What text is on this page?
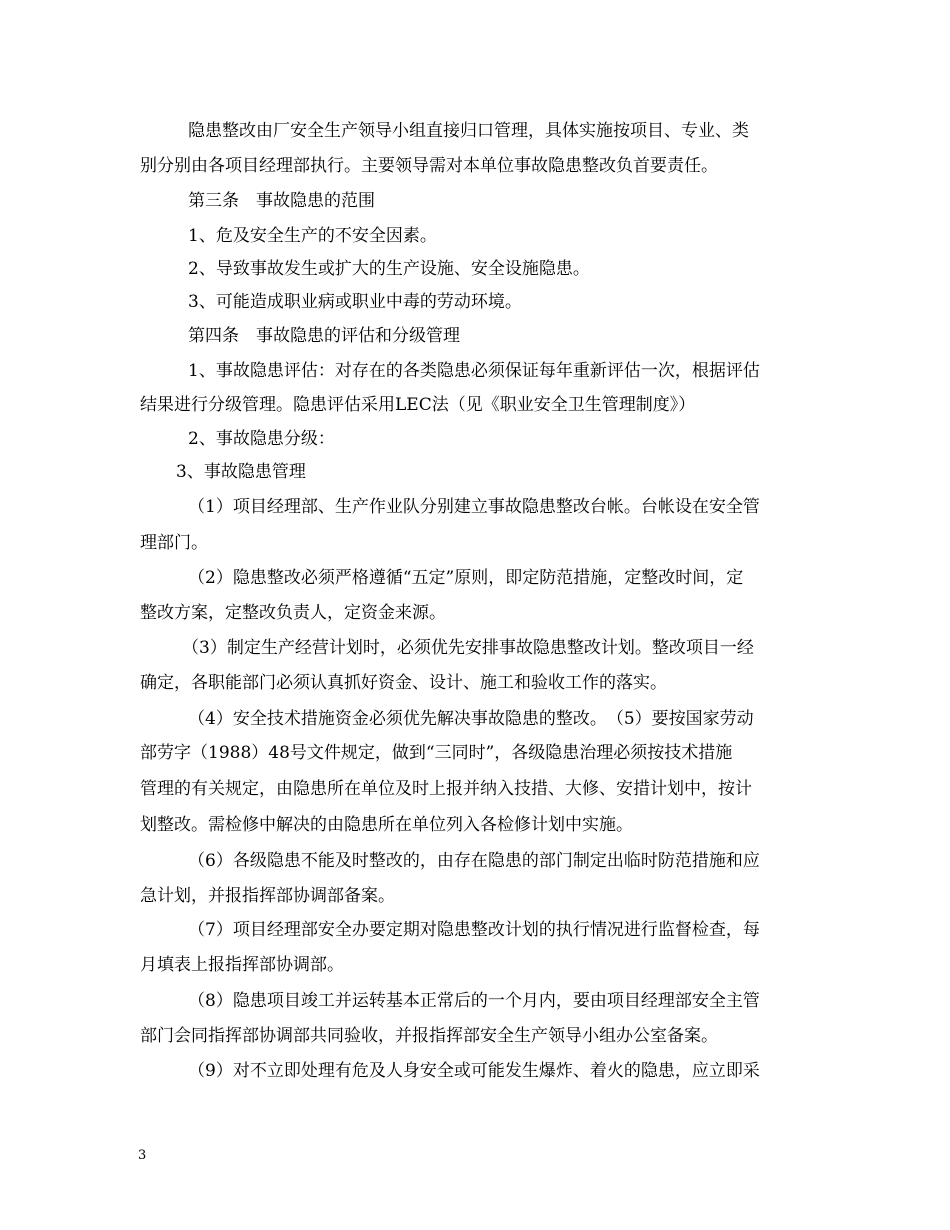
隐患整改由厂安全生产领导小组直接归口管理，具体实施按项目、专业、类
别分别由各项目经理部执行。主要领导需对本单位事故隐患整改负首要责任。
第三条　事故隐患的范围
1、危及安全生产的不安全因素。
2、导致事故发生或扩大的生产设施、安全设施隐患。
3、可能造成职业病或职业中毒的劳动环境。
第四条　事故隐患的评估和分级管理
1、事故隐患评估：对存在的各类隐患必须保证每年重新评估一次，根据评估
结果进行分级管理。隐患评估采用LEC法（见《职业安全卫生管理制度》）
2、事故隐患分级：
3、事故隐患管理
（1）项目经理部、生产作业队分别建立事故隐患整改台帐。台帐设在安全管
理部门。
（2）隐患整改必须严格遵循“五定”原则，即定防范措施，定整改时间，定
整改方案，定整改负责人，定资金来源。
（3）制定生产经营计划时，必须优先安排事故隐患整改计划。整改项目一经
确定，各职能部门必须认真抓好资金、设计、施工和验收工作的落实。
（4）安全技术措施资金必须优先解决事故隐患的整改。　（5）要按国家劳动
部劳字（1988）48号文件规定，做到“三同时”，各级隐患治理必须按技术措施
管理的有关规定，由隐患所在单位及时上报并纳入技措、大修、安措计划中，按计
划整改。需检修中解决的由隐患所在单位列入各检修计划中实施。
（6）各级隐患不能及时整改的，由存在隐患的部门制定出临时防范措施和应
急计划，并报指挥部协调部备案。
（7）项目经理部安全办要定期对隐患整改计划的执行情况进行监督检查，每
月填表上报指挥部协调部。
（8）隐患项目竣工并运转基本正常后的一个月内，要由项目经理部安全主管
部门会同指挥部协调部共同验收，并报指挥部安全生产领导小组办公室备案。
（9）对不立即处理有危及人身安全或可能发生爆炸、着火的隐患，应立即采
3
